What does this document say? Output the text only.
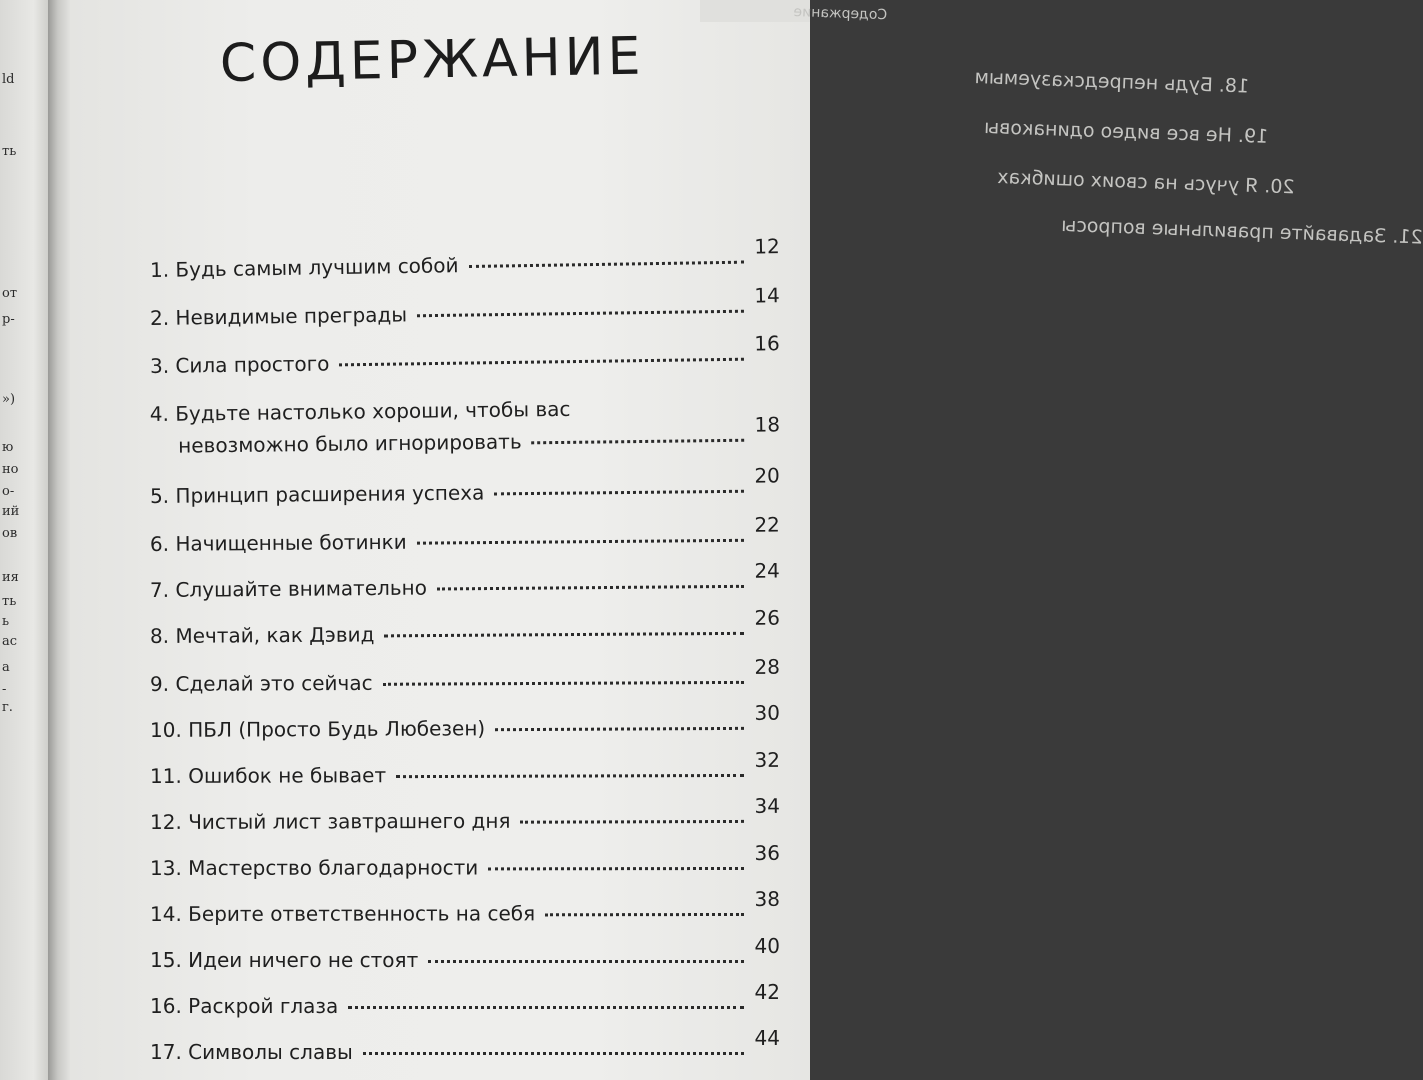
ld
ть
от
р-
»)
ю
но
о-
ий
ов
ия
ть
ь
ас
а
-
г.
Содержание
18. Будь непредсказуемым
19. Не все видео одинаковы
20. Я учусь на своих ошибках
21. Задавайте правильные вопросы
СОДЕРЖАНИЕ
1.
Будь самым лучшим собой
12
2.
Невидимые преграды
14
3.
Сила простого
16
4.
Будьте настолько хороши, чтобы вас
невозможно было игнорировать
18
5.
Принцип расширения успеха
20
6.
Начищенные ботинки
22
7.
Слушайте внимательно
24
8.
Мечтай, как Дэвид
26
9.
Сделай это сейчас
28
10.
ПБЛ (Просто Будь Любезен)
30
11.
Ошибок не бывает
32
12.
Чистый лист завтрашнего дня
34
13.
Мастерство благодарности
36
14.
Берите ответственность на себя
38
15.
Идеи ничего не стоят
40
16.
Раскрой глаза
42
17.
Символы славы
44
